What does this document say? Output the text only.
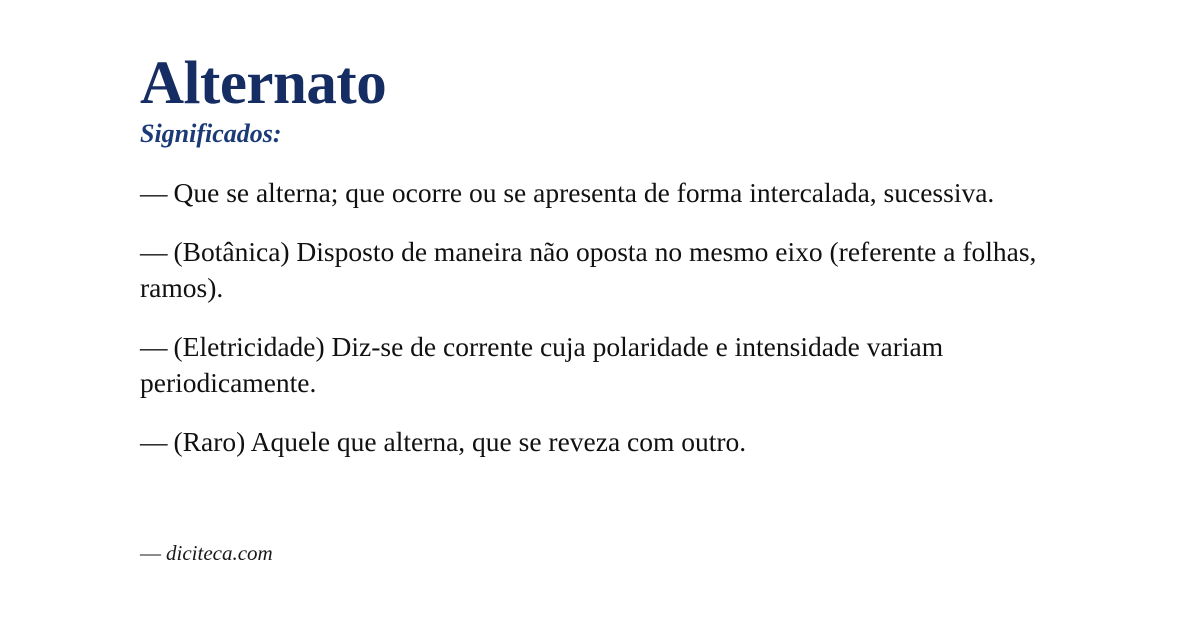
Alternato
Significados:
— Que se alterna; que ocorre ou se apresenta de forma intercalada, sucessiva.
— (Botânica) Disposto de maneira não oposta no mesmo eixo (referente a folhas, ramos).
— (Eletricidade) Diz-se de corrente cuja polaridade e intensidade variam periodicamente.
— (Raro) Aquele que alterna, que se reveza com outro.
— diciteca.com
